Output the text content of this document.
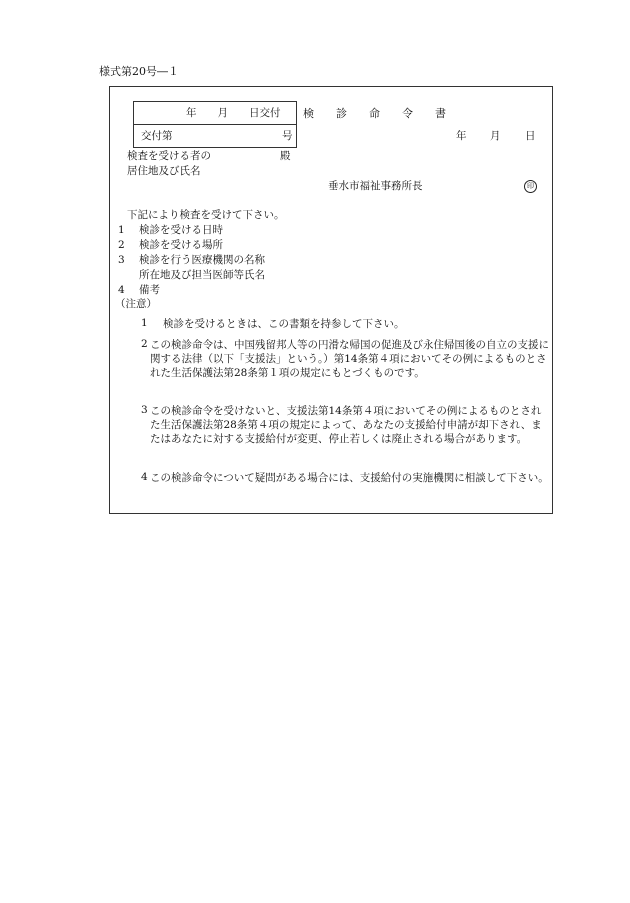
様式第20号―１
年　　月　　日交付
交付第	号
検診命令書
年 月 日
検査を受ける者の	殿
居住地及び氏名
垂水市福祉事務所長	印
下記により検査を受けて下さい。
1 検診を受ける日時
2 検診を受ける場所
3 検診を行う医療機関の名称
所在地及び担当医師等氏名
4 備考
（注意）
1 検診を受けるときは、この書類を持参して下さい。
2 この検診命令は、中国残留邦人等の円滑な帰国の促進及び永住帰国後の自立の支援に関する法律（以下「支援法」という。）第14条第４項においてその例によるものとされた生活保護法第28条第１項の規定にもとづくものです。
3 この検診命令を受けないと、支援法第14条第４項においてその例によるものとされた生活保護法第28条第４項の規定によって、あなたの支援給付申請が却下され、またはあなたに対する支援給付が変更、停止若しくは廃止される場合があります。
4 この検診命令について疑問がある場合には、支援給付の実施機関に相談して下さい。
